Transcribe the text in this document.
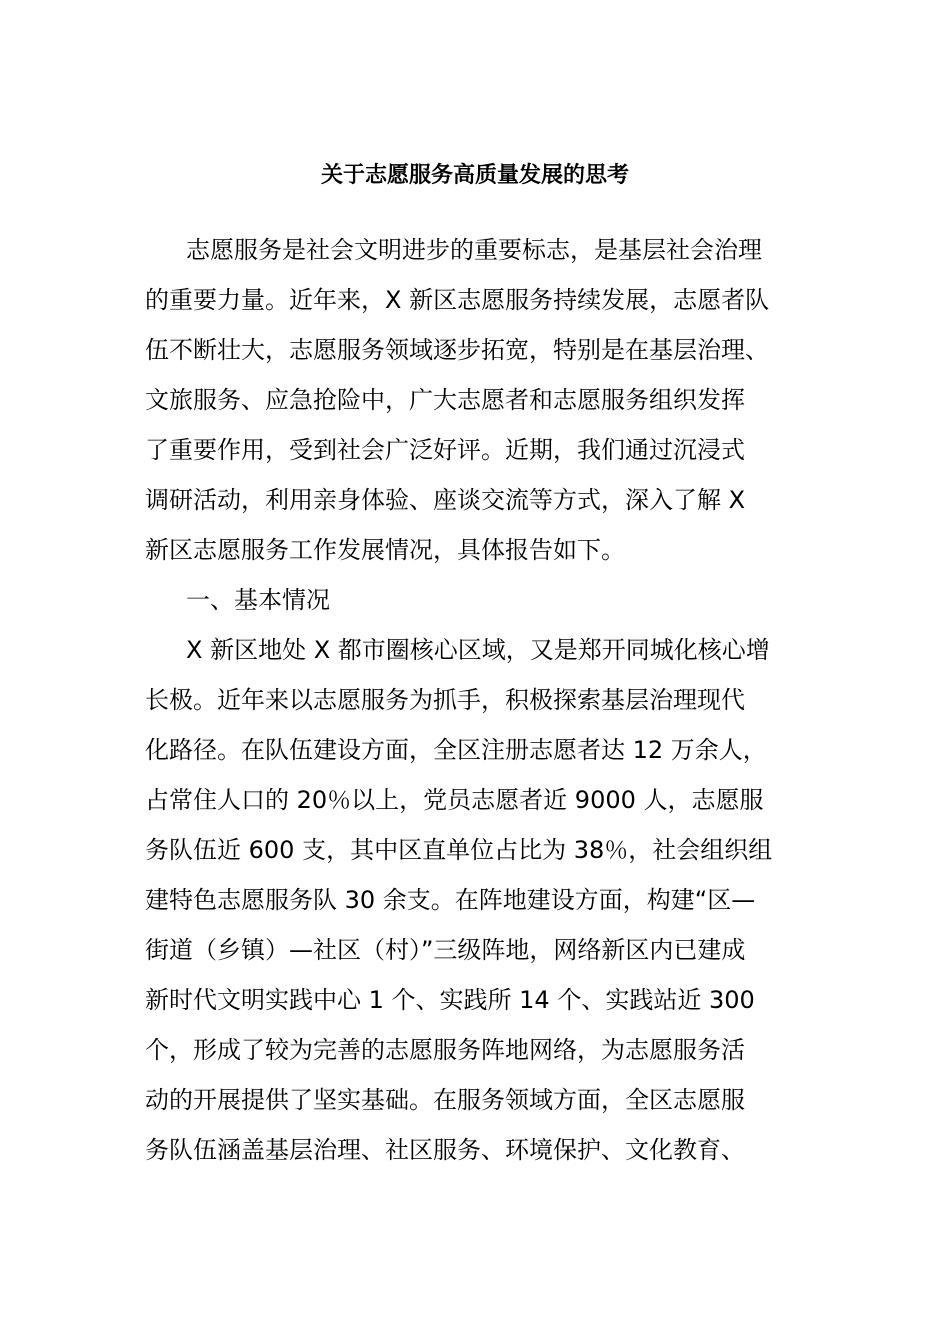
关于志愿服务高质量发展的思考
志愿服务是社会文明进步的重要标志，是基层社会治理
的重要力量。近年来，X 新区志愿服务持续发展，志愿者队
伍不断壮大，志愿服务领域逐步拓宽，特别是在基层治理、
文旅服务、应急抢险中，广大志愿者和志愿服务组织发挥
了重要作用，受到社会广泛好评。近期，我们通过沉浸式
调研活动，利用亲身体验、座谈交流等方式，深入了解 X
新区志愿服务工作发展情况，具体报告如下。
一、基本情况
X 新区地处 X 都市圈核心区域，又是郑开同城化核心增
长极。近年来以志愿服务为抓手，积极探索基层治理现代
化路径。在队伍建设方面，全区注册志愿者达 12 万余人，
占常住人口的 20％以上，党员志愿者近 9000 人，志愿服
务队伍近 600 支，其中区直单位占比为 38％，社会组织组
建特色志愿服务队 30 余支。在阵地建设方面，构建“区—
街道（乡镇）—社区（村）”三级阵地，网络新区内已建成
新时代文明实践中心 1 个、实践所 14 个、实践站近 300
个，形成了较为完善的志愿服务阵地网络，为志愿服务活
动的开展提供了坚实基础。在服务领域方面，全区志愿服
务队伍涵盖基层治理、社区服务、环境保护、文化教育、
